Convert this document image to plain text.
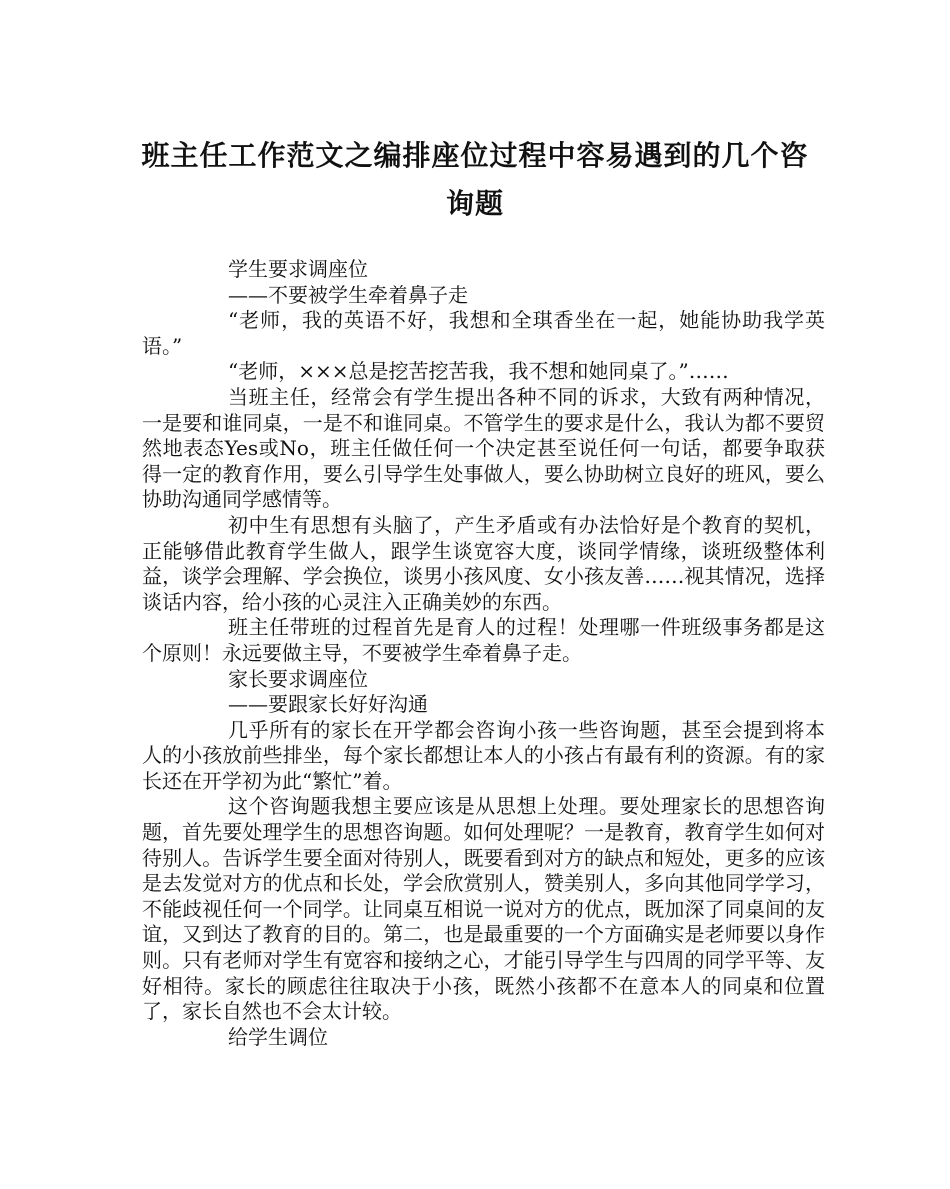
班主任工作范文之编排座位过程中容易遇到的几个咨询题

学生要求调座位

——不要被学生牵着鼻子走

“老师，我的英语不好，我想和全琪香坐在一起，她能协助我学英语。”

“老师，×××总是挖苦挖苦我，我不想和她同桌了。”……

当班主任，经常会有学生提出各种不同的诉求，大致有两种情况，一是要和谁同桌，一是不和谁同桌。不管学生的要求是什么，我认为都不要贸然地表态Yes或No，班主任做任何一个决定甚至说任何一句话，都要争取获得一定的教育作用，要么引导学生处事做人，要么协助树立良好的班风，要么协助沟通同学感情等。

初中生有思想有头脑了，产生矛盾或有办法恰好是个教育的契机，正能够借此教育学生做人，跟学生谈宽容大度，谈同学情缘，谈班级整体利益，谈学会理解、学会换位，谈男小孩风度、女小孩友善……视其情况，选择谈话内容，给小孩的心灵注入正确美妙的东西。

班主任带班的过程首先是育人的过程！处理哪一件班级事务都是这个原则！永远要做主导，不要被学生牵着鼻子走。

家长要求调座位

——要跟家长好好沟通

几乎所有的家长在开学都会咨询小孩一些咨询题，甚至会提到将本人的小孩放前些排坐，每个家长都想让本人的小孩占有最有利的资源。有的家长还在开学初为此“繁忙”着。

这个咨询题我想主要应该是从思想上处理。要处理家长的思想咨询题，首先要处理学生的思想咨询题。如何处理呢？一是教育，教育学生如何对待别人。告诉学生要全面对待别人，既要看到对方的缺点和短处，更多的应该是去发觉对方的优点和长处，学会欣赏别人，赞美别人，多向其他同学学习，不能歧视任何一个同学。让同桌互相说一说对方的优点，既加深了同桌间的友谊，又到达了教育的目的。第二，也是最重要的一个方面确实是老师要以身作则。只有老师对学生有宽容和接纳之心，才能引导学生与四周的同学平等、友好相待。家长的顾虑往往取决于小孩，既然小孩都不在意本人的同桌和位置了，家长自然也不会太计较。

给学生调位
